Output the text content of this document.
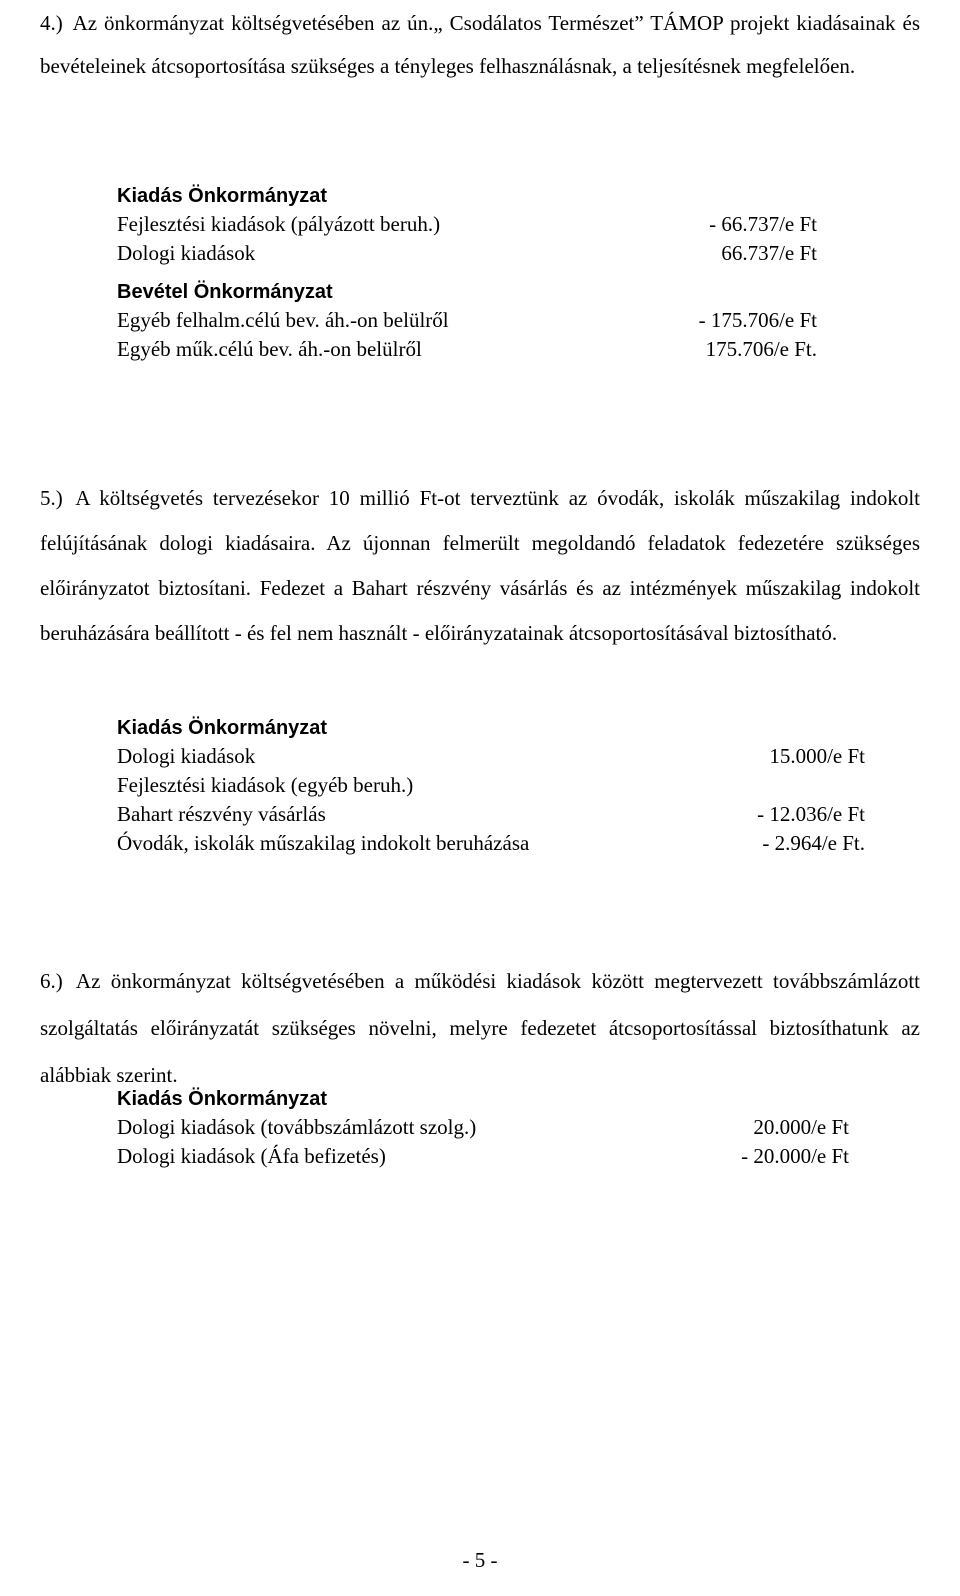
4.) Az önkormányzat költségvetésében az ún.„ Csodálatos Természet” TÁMOP projekt kiadásainak és bevételeinek átcsoportosítása szükséges a tényleges felhasználásnak, a teljesítésnek megfelelően.

Kiadás Önkormányzat
Fejlesztési kiadások (pályázott beruh.)	- 66.737/e Ft
Dologi kiadások	66.737/e Ft
Bevétel Önkormányzat
Egyéb felhalm.célú bev. áh.-on belülről	- 175.706/e Ft
Egyéb műk.célú bev. áh.-on belülről	175.706/e Ft.

5.) A költségvetés tervezésekor 10 millió Ft-ot terveztünk az óvodák, iskolák műszakilag indokolt felújításának dologi kiadásaira. Az újonnan felmerült megoldandó feladatok fedezetére szükséges előirányzatot biztosítani. Fedezet a Bahart részvény vásárlás és az intézmények műszakilag indokolt beruházására beállított - és fel nem használt - előirányzatainak átcsoportosításával biztosítható.

Kiadás Önkormányzat
Dologi kiadások	15.000/e Ft
Fejlesztési kiadások (egyéb beruh.)
Bahart részvény vásárlás	- 12.036/e Ft
Óvodák, iskolák műszakilag indokolt beruházása	- 2.964/e Ft.

6.) Az önkormányzat költségvetésében a működési kiadások között megtervezett továbbszámlázott szolgáltatás előirányzatát szükséges növelni, melyre fedezetet átcsoportosítással biztosíthatunk az alábbiak szerint.

Kiadás Önkormányzat
Dologi kiadások (továbbszámlázott szolg.)	20.000/e Ft
Dologi kiadások (Áfa befizetés)	- 20.000/e Ft
- 5 -
